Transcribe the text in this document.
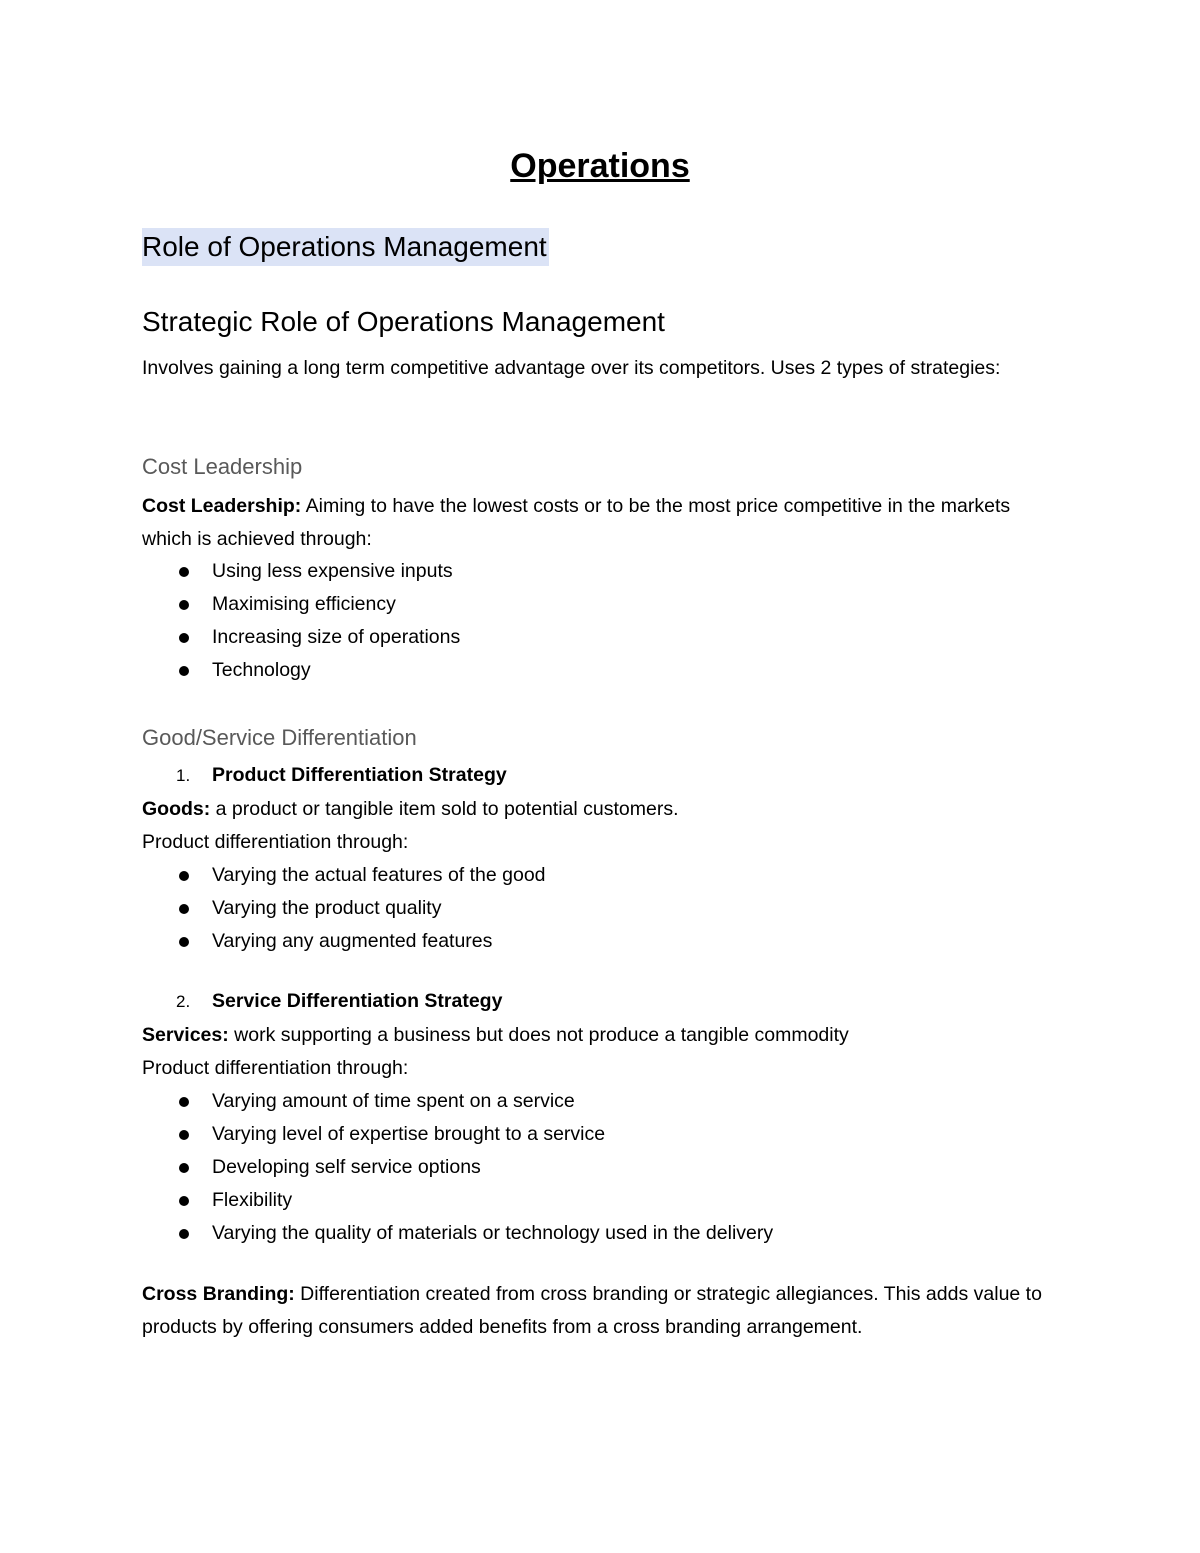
Operations
Role of Operations Management
Strategic Role of Operations Management

Involves gaining a long term competitive advantage over its competitors. Uses 2 types of strategies:

Cost Leadership

Cost Leadership: Aiming to have the lowest costs or to be the most price competitive in the markets which is achieved through:

Using less expensive inputs
Maximising efficiency
Increasing size of operations
Technology
Good/Service Differentiation
1. Product Differentiation Strategy

Goods: a product or tangible item sold to potential customers.

Product differentiation through:

Varying the actual features of the good
Varying the product quality
Varying any augmented features
2. Service Differentiation Strategy

Services: work supporting a business but does not produce a tangible commodity

Product differentiation through:

Varying amount of time spent on a service
Varying level of expertise brought to a service
Developing self service options
Flexibility
Varying the quality of materials or technology used in the delivery

Cross Branding: Differentiation created from cross branding or strategic allegiances. This adds value to products by offering consumers added benefits from a cross branding arrangement.
